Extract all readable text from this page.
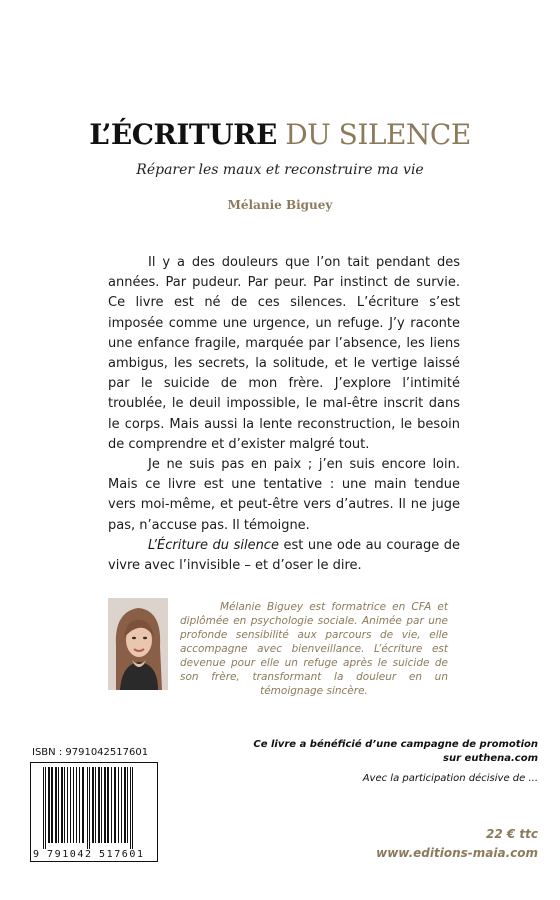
L’ÉCRITURE DU SILENCE
Réparer les maux et reconstruire ma vie
Mélanie Biguey

Il y a des douleurs que l’on tait pendant des années. Par pudeur. Par peur. Par instinct de survie. Ce livre est né de ces silences. L’écriture s’est imposée comme une urgence, un refuge. J’y raconte une enfance fragile, marquée par l’absence, les liens ambigus, les secrets, la solitude, et le vertige laissé par le suicide de mon frère. J’explore l’intimité troublée, le deuil impossible, le mal-être inscrit dans le corps. Mais aussi la lente reconstruction, le besoin de comprendre et d’exister malgré tout.

Je ne suis pas en paix ; j’en suis encore loin. Mais ce livre est une tentative : une main tendue vers moi-même, et peut-être vers d’autres. Il ne juge pas, n’accuse pas. Il témoigne.

L’Écriture du silence est une ode au courage de vivre avec l’invisible – et d’oser le dire.

Mélanie Biguey est formatrice en CFA et diplômée en psychologie sociale. Animée par une profonde sensibilité aux parcours de vie, elle accompagne avec bienveillance. L’écriture est devenue pour elle un refuge après le suicide de son frère, transformant la douleur en un témoignage sincère.
ISBN : 9791042517601
9 791042 517601
Ce livre a bénéficié d’une campagne de promotion
sur euthena.com
Avec la participation décisive de ...
22 € ttc
www.editions-maia.com
